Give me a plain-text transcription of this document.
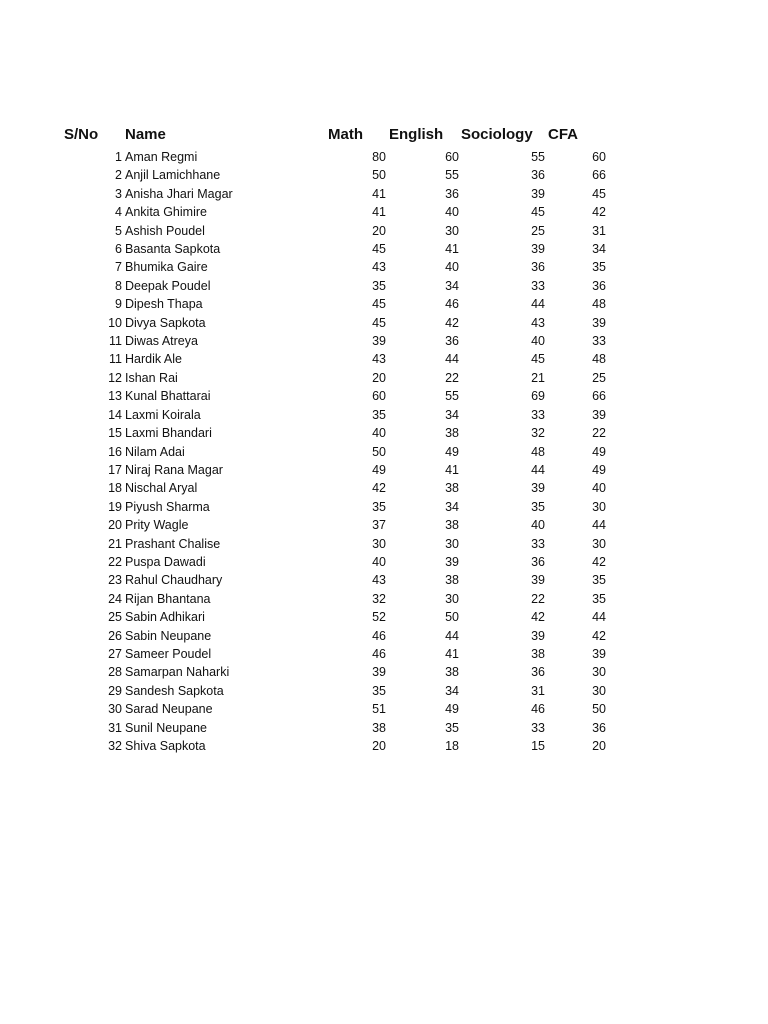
S/No Name	Math English Sociology CFA
1 Aman Regmi	80	60	55	60
2 Anjil Lamichhane	50	55	36	66
3 Anisha Jhari Magar	41	36	39	45
4 Ankita Ghimire	41	40	45	42
5 Ashish Poudel	20	30	25	31
6 Basanta Sapkota	45	41	39	34
7 Bhumika Gaire	43	40	36	35
8 Deepak Poudel	35	34	33	36
9 Dipesh Thapa	45	46	44	48
10 Divya Sapkota	45	42	43	39
11 Diwas Atreya	39	36	40	33
11 Hardik Ale	43	44	45	48
12 Ishan Rai	20	22	21	25
13 Kunal Bhattarai	60	55	69	66
14 Laxmi Koirala	35	34	33	39
15 Laxmi Bhandari	40	38	32	22
16 Nilam Adai	50	49	48	49
17 Niraj Rana Magar	49	41	44	49
18 Nischal Aryal	42	38	39	40
19 Piyush Sharma	35	34	35	30
20 Prity Wagle	37	38	40	44
21 Prashant Chalise	30	30	33	30
22 Puspa Dawadi	40	39	36	42
23 Rahul Chaudhary	43	38	39	35
24 Rijan Bhantana	32	30	22	35
25 Sabin Adhikari	52	50	42	44
26 Sabin Neupane	46	44	39	42
27 Sameer Poudel	46	41	38	39
28 Samarpan Naharki	39	38	36	30
29 Sandesh Sapkota	35	34	31	30
30 Sarad Neupane	51	49	46	50
31 Sunil Neupane	38	35	33	36
32 Shiva Sapkota	20	18	15	20
